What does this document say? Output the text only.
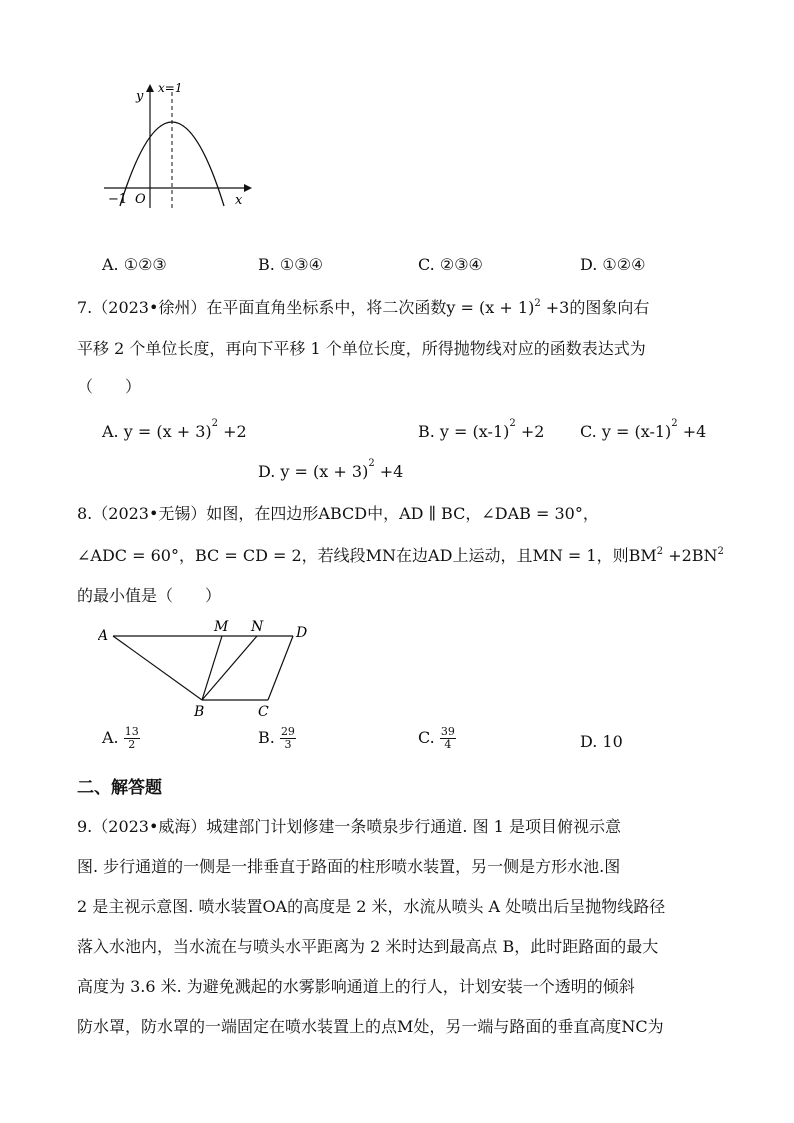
y
x
O
−1
x=1
A. ①②③	B. ①③④	C. ②③④	D. ①②④
7.（2023•徐州）在平面直角坐标系中，将二次函数$y = (x + 1)^2 +3$的图象向右
平移 2 个单位长度，再向下平移 1 个单位长度，所得抛物线对应的函数表达式为
（　　）
A. $y = (x + 3)^2 +2$	B. $y = (x-1)^2 +2$ C. $y = (x-1)^2 +4$
D. $y = (x + 3)^2 +4$
8.（2023•无锡）如图，在四边形ABCD中，AD ∥ BC，∠DAB = 30°，
∠ADC = 60°，BC = CD = 2，若线段MN在边AD上运动，且MN = 1，则$BM^2 +2BN^2$
的最小值是（　　）
A
M N D
B	C
A. $\frac{13}{2}$	B. $\frac{29}{3}$	C. $\frac{39}{4}$	D. 10
二、解答题
9.（2023•威海）城建部门计划修建一条喷泉步行通道. 图 1 是项目俯视示意
图. 步行通道的一侧是一排垂直于路面的柱形喷水装置，另一侧是方形水池.图
2 是主视示意图. 喷水装置OA的高度是 2 米，水流从喷头 A 处喷出后呈抛物线路径
落入水池内，当水流在与喷头水平距离为 2 米时达到最高点 B，此时距路面的最大
高度为 3.6 米. 为避免溅起的水雾影响通道上的行人，计划安装一个透明的倾斜
防水罩，防水罩的一端固定在喷水装置上的点M处，另一端与路面的垂直高度NC为
